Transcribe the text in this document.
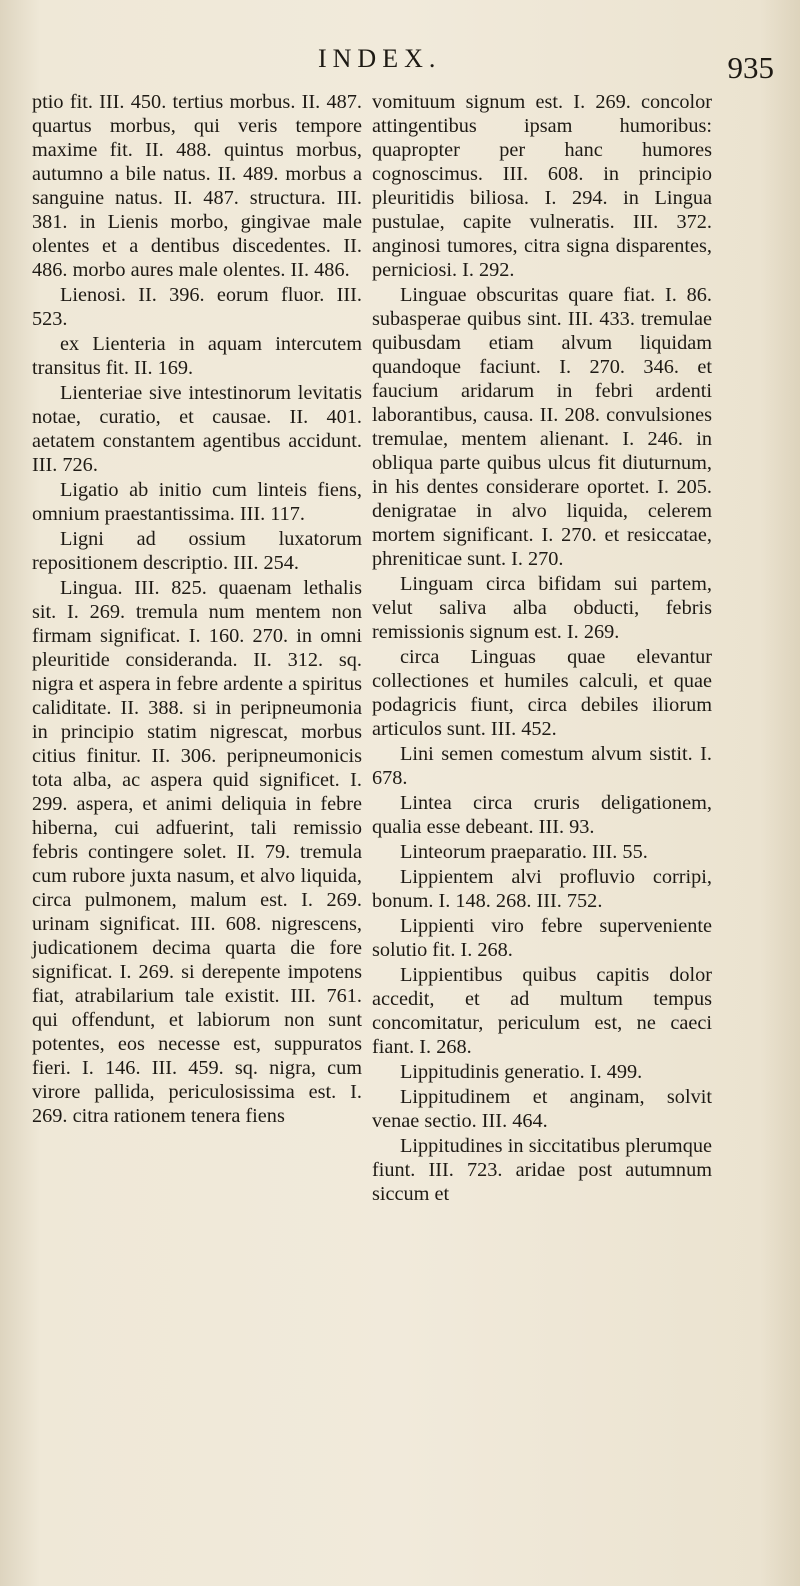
INDEX.	935

ptio fit. III. 450. tertius morbus. II. 487. quartus morbus, qui veris tempore maxime fit. II. 488. quintus morbus, autumno a bile natus. II. 489. morbus a sanguine natus. II. 487. structura. III. 381. in Lienis morbo, gingivae male olentes et a dentibus discedentes. II. 486. morbo aures male olentes. II. 486.

Lienosi. II. 396. eorum fluor. III. 523.

ex Lienteria in aquam intercutem transitus fit. II. 169.

Lienteriae sive intestinorum levitatis notae, curatio, et causae. II. 401. aetatem constantem agentibus accidunt. III. 726.

Ligatio ab initio cum linteis fiens, omnium praestantissima. III. 117.

Ligni ad ossium luxatorum repositionem descriptio. III. 254.

Lingua. III. 825. quaenam lethalis sit. I. 269. tremula num mentem non firmam significat. I. 160. 270. in omni pleuritide consideranda. II. 312. sq. nigra et aspera in febre ardente a spiritus caliditate. II. 388. si in peripneumonia in principio statim nigrescat, morbus citius finitur. II. 306. peripneumonicis tota alba, ac aspera quid significet. I. 299. aspera, et animi deliquia in febre hiberna, cui adfuerint, tali remissio febris contingere solet. II. 79. tremula cum rubore juxta nasum, et alvo liquida, circa pulmonem, malum est. I. 269. urinam significat. III. 608. nigrescens, judicationem decima quarta die fore significat. I. 269. si derepente impotens fiat, atrabilarium tale existit. III. 761. qui offendunt, et labiorum non sunt potentes, eos necesse est, suppuratos fieri. I. 146. III. 459. sq. nigra, cum virore pallida, periculosissima est. I. 269. citra rationem tenera fiens

vomituum signum est. I. 269. concolor attingentibus ipsam humoribus: quapropter per hanc humores cognoscimus. III. 608. in principio pleuritidis biliosa. I. 294. in Lingua pustulae, capite vulneratis. III. 372. anginosi tumores, citra signa disparentes, perniciosi. I. 292.

Linguae obscuritas quare fiat. I. 86. subasperae quibus sint. III. 433. tremulae quibusdam etiam alvum liquidam quandoque faciunt. I. 270. 346. et faucium aridarum in febri ardenti laborantibus, causa. II. 208. convulsiones tremulae, mentem alienant. I. 246. in obliqua parte quibus ulcus fit diuturnum, in his dentes considerare oportet. I. 205. denigratae in alvo liquida, celerem mortem significant. I. 270. et resiccatae, phreniticae sunt. I. 270.

Linguam circa bifidam sui partem, velut saliva alba obducti, febris remissionis signum est. I. 269.

circa Linguas quae elevantur collectiones et humiles calculi, et quae podagricis fiunt, circa debiles iliorum articulos sunt. III. 452.

Lini semen comestum alvum sistit. I. 678.

Lintea circa cruris deligationem, qualia esse debeant. III. 93.

Linteorum praeparatio. III. 55.

Lippientem alvi profluvio corripi, bonum. I. 148. 268. III. 752.

Lippienti viro febre superveniente solutio fit. I. 268.

Lippientibus quibus capitis dolor accedit, et ad multum tempus concomitatur, periculum est, ne caeci fiant. I. 268.

Lippitudinis generatio. I. 499.

Lippitudinem et anginam, solvit venae sectio. III. 464.

Lippitudines in siccitatibus plerumque fiunt. III. 723. aridae post autumnum siccum et
